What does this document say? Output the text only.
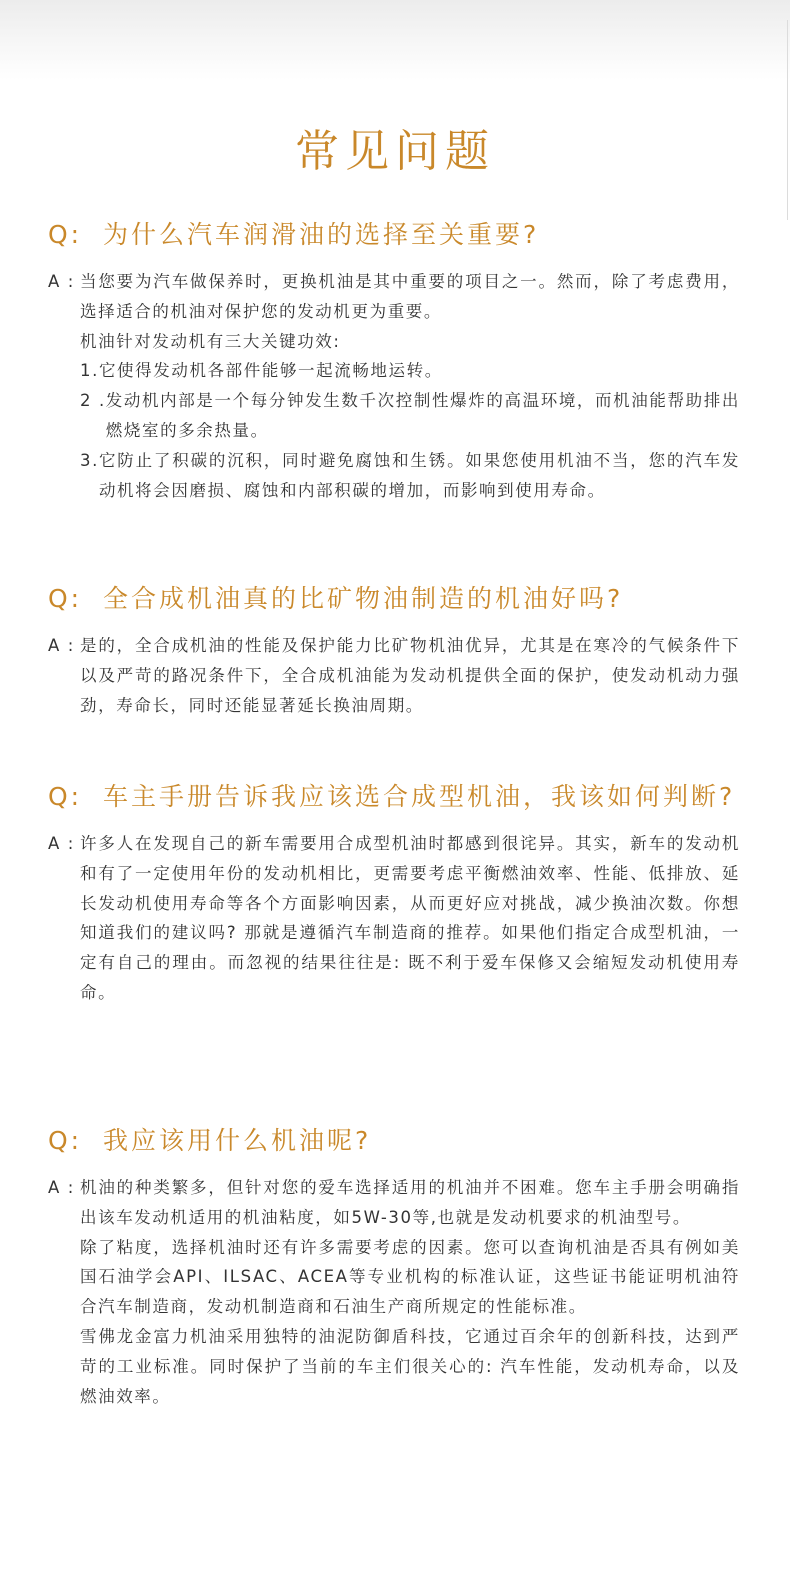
常见问题
Q: 为什么汽车润滑油的选择至关重要?
A : 当您要为汽车做保养时，更换机油是其中重要的项目之一。然而，除了考虑费用，选择适合的机油对保护您的发动机更为重要。

机油针对发动机有三大关键功效:

1. 它使得发动机各部件能够一起流畅地运转。
2 . 发动机内部是一个每分钟发生数千次控制性爆炸的高温环境，而机油能帮助排出燃烧室的多余热量。
3. 它防止了积碳的沉积，同时避免腐蚀和生锈。如果您使用机油不当，您的汽车发动机将会因磨损、腐蚀和内部积碳的增加，而影响到使用寿命。
Q: 全合成机油真的比矿物油制造的机油好吗?
A : 是的，全合成机油的性能及保护能力比矿物机油优异，尤其是在寒冷的气候条件下以及严苛的路况条件下，全合成机油能为发动机提供全面的保护，使发动机动力强劲，寿命长，同时还能显著延长换油周期。

Q: 车主手册告诉我应该选合成型机油，我该如何判断?
A : 许多人在发现自己的新车需要用合成型机油时都感到很诧异。其实，新车的发动机和有了一定使用年份的发动机相比，更需要考虑平衡燃油效率、性能、低排放、延长发动机使用寿命等各个方面影响因素，从而更好应对挑战，减少换油次数。你想知道我们的建议吗? 那就是遵循汽车制造商的推荐。如果他们指定合成型机油，一定有自己的理由。而忽视的结果往往是: 既不利于爱车保修又会缩短发动机使用寿命。

Q: 我应该用什么机油呢?
A : 机油的种类繁多，但针对您的爱车选择适用的机油并不困难。您车主手册会明确指出该车发动机适用的机油粘度，如5W-30等,也就是发动机要求的机油型号。

除了粘度，选择机油时还有许多需要考虑的因素。您可以查询机油是否具有例如美国石油学会API、ILSAC、ACEA等专业机构的标准认证，这些证书能证明机油符合汽车制造商，发动机制造商和石油生产商所规定的性能标准。

雪佛龙金富力机油采用独特的油泥防御盾科技，它通过百余年的创新科技，达到严苛的工业标准。同时保护了当前的车主们很关心的: 汽车性能，发动机寿命，以及燃油效率。
